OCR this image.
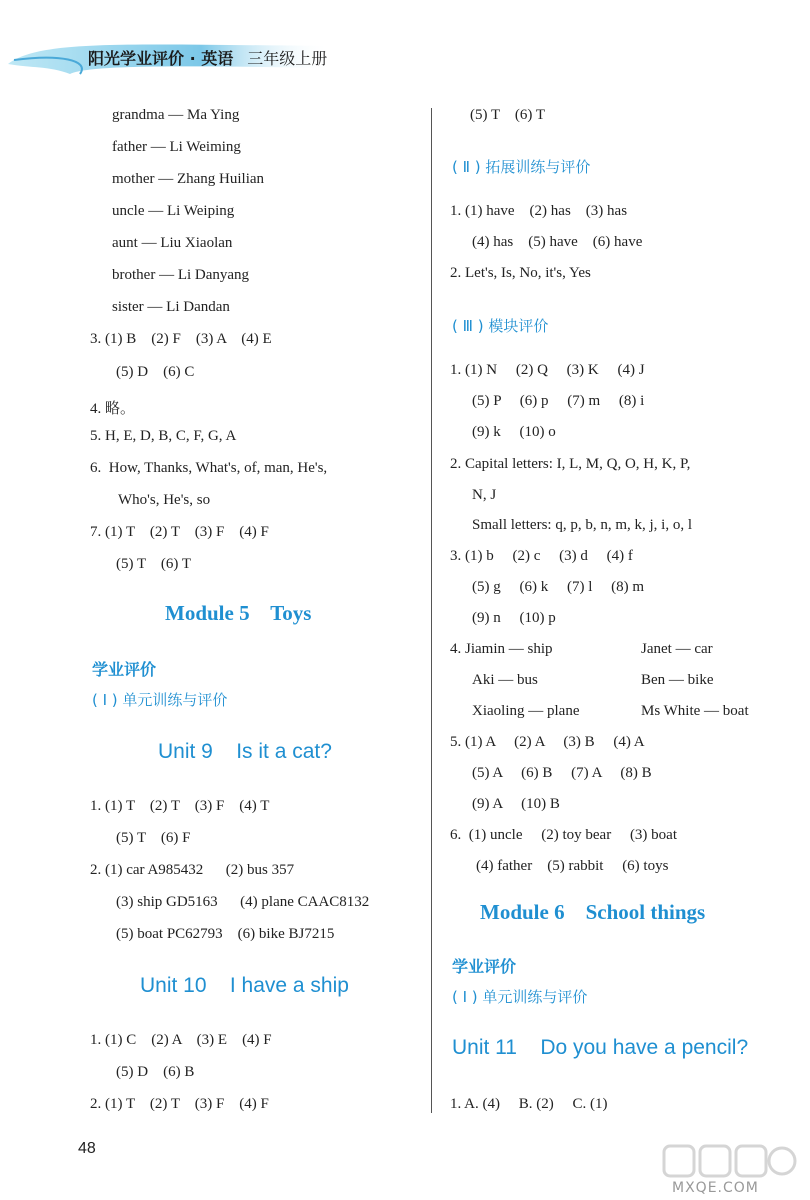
阳光学业评价 · 英语 三年级上册
grandma — Ma Ying
father — Li Weiming
mother — Zhang Huilian
uncle — Li Weiping
aunt — Liu Xiaolan
brother — Li Danyang
sister — Li Dandan
3. (1) B    (2) F    (3) A    (4) E
(5) D    (6) C
4. 略。
5. H, E, D, B, C, F, G, A
6.  How, Thanks, What's, of, man, He's,
Who's, He's, so
7. (1) T    (2) T    (3) F    (4) F
(5) T    (6) T
Module 5    Toys
学业评价
( I ) 单元训练与评价
Unit 9    Is it a cat?
1. (1) T    (2) T    (3) F    (4) T
(5) T    (6) F
2. (1) car A985432      (2) bus 357
(3) ship GD5163      (4) plane CAAC8132
(5) boat PC62793    (6) bike BJ7215
Unit 10    I have a ship
1. (1) C    (2) A    (3) E    (4) F
(5) D    (6) B
2. (1) T    (2) T    (3) F    (4) F
(5) T    (6) T
( Ⅱ ) 拓展训练与评价
1. (1) have    (2) has    (3) has
(4) has    (5) have    (6) have
2. Let's, Is, No, it's, Yes
( Ⅲ ) 模块评价
1. (1) N     (2) Q     (3) K     (4) J
(5) P     (6) p     (7) m     (8) i
(9) k     (10) o
2. Capital letters: I, L, M, Q, O, H, K, P,
N, J
Small letters: q, p, b, n, m, k, j, i, o, l
3. (1) b     (2) c     (3) d     (4) f
(5) g     (6) k     (7) l     (8) m
(9) n     (10) p
4. Jiamin — ship	Janet — car
Aki — bus	Ben — bike
Xiaoling — plane	Ms White — boat
5. (1) A     (2) A     (3) B     (4) A
(5) A     (6) B     (7) A     (8) B
(9) A     (10) B
6.  (1) uncle     (2) toy bear     (3) boat
(4) father    (5) rabbit     (6) toys
Module 6    School things
学业评价
( I ) 单元训练与评价
Unit 11    Do you have a pencil?
1. A. (4)     B. (2)     C. (1)
48
MXQE.COM
